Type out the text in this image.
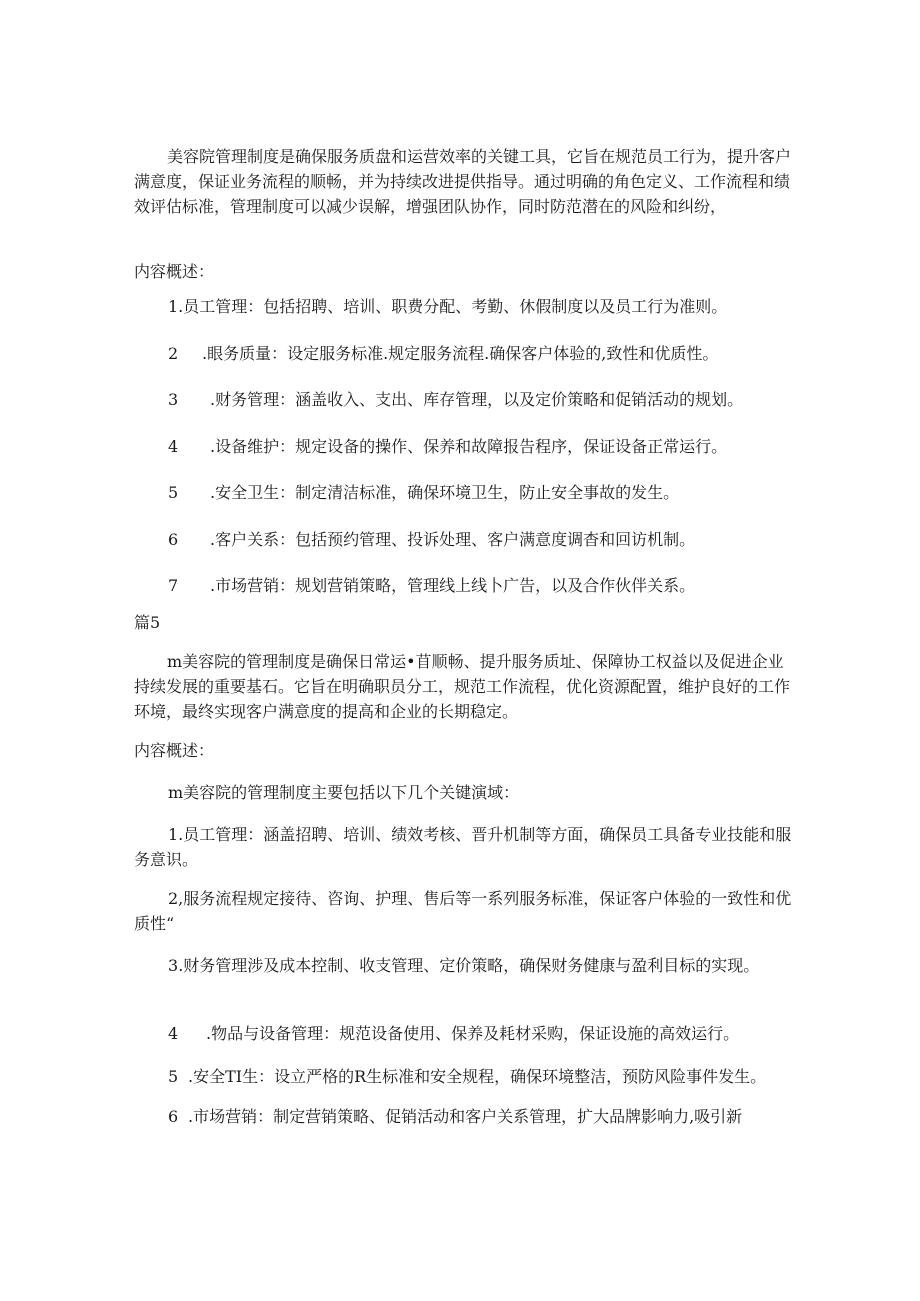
美容院管理制度是确保服务质盘和运营效率的关键工具，它旨在规范员工行为，提升客户满意度，保证业务流程的顺畅，并为持续改进提供指导。通过明确的角色定义、工作流程和绩效评估标准，管理制度可以减少误解，增强团队协作，同时防范潜在的风险和纠纷，

内容概述：

1.员工管理：包括招聘、培训、职费分配、考勤、休假制度以及员工行为准则。

2 .眼务质量：设定服务标准.规定服务流程.确保客户体验的,致性和优质性。

3 .财务管理：涵盖收入、支出、库存管理，以及定价策略和促销活动的规划。

4 .设备维护：规定设备的操作、保养和故障报告程序，保证设备正常运行。

5 .安全卫生：制定清洁标准，确保环境卫生，防止安全事故的发生。

6 .客户关系：包括预约管理、投诉处理、客户满意度调杳和回访机制。

7 .市场营销：规划营销策略，管理线上线卜广告，以及合作伙伴关系。

篇5

m美容院的管理制度是确保日常运•苜顺畅、提升服务质址、保障协工权益以及促进企业持续发展的重要基石。它旨在明确职员分工，规范工作流程，优化资源配置，维护良好的工作环境，最终实现客户满意度的提高和企业的长期稳定。

内容概述：

m美容院的管理制度主要包括以下几个关键演域：

1.员工管理：涵盖招聘、培训、绩效考核、晋升机制等方面，确保员工具备专业技能和服务意识。

2,服务流程规定接待、咨询、护理、售后等一系列服务标准，保证客户体验的一致性和优质性“

3.财务管理涉及成本控制、收支管理、定价策略，确保财务健康与盈利目标的实现。

4 .物品与设备管理：规范设备使用、保养及耗材采购，保证设施的高效运行。

5 .安全TI生：设立严格的R生标准和安全规程，确保环境整洁，预防风险事件发生。

6 .市场营销：制定营销策略、促销活动和客户关系管理，扩大品牌影响力,吸引新
